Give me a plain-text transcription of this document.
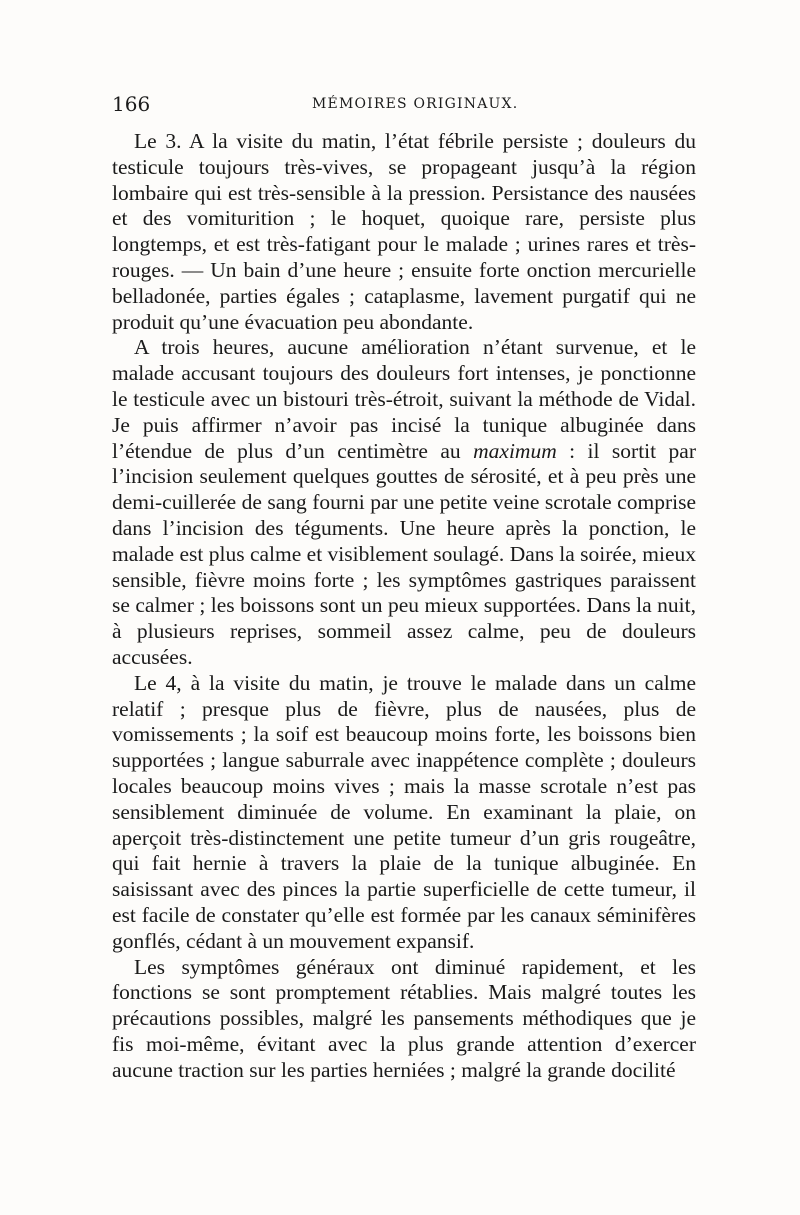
166	MÉMOIRES ORIGINAUX.

Le 3. A la visite du matin, l’état fébrile persiste ; douleurs du testicule toujours très-vives, se propageant jusqu’à la région lombaire qui est très-sensible à la pression. Persistance des nausées et des vomiturition ; le hoquet, quoique rare, persiste plus longtemps, et est très-fatigant pour le malade ; urines rares et très-rouges. — Un bain d’une heure ; ensuite forte onction mercurielle belladonée, parties égales ; cataplasme, lavement purgatif qui ne produit qu’une évacuation peu abondante.

A trois heures, aucune amélioration n’étant survenue, et le malade accusant toujours des douleurs fort intenses, je ponctionne le testicule avec un bistouri très-étroit, suivant la méthode de Vidal. Je puis affirmer n’avoir pas incisé la tunique albuginée dans l’étendue de plus d’un centimètre au maximum : il sortit par l’incision seulement quelques gouttes de sérosité, et à peu près une demi-cuillerée de sang fourni par une petite veine scrotale comprise dans l’incision des téguments. Une heure après la ponction, le malade est plus calme et visiblement soulagé. Dans la soirée, mieux sensible, fièvre moins forte ; les symptômes gastriques paraissent se calmer ; les boissons sont un peu mieux supportées. Dans la nuit, à plusieurs reprises, sommeil assez calme, peu de douleurs accusées.

Le 4, à la visite du matin, je trouve le malade dans un calme relatif ; presque plus de fièvre, plus de nausées, plus de vomissements ; la soif est beaucoup moins forte, les boissons bien supportées ; langue saburrale avec inappétence complète ; douleurs locales beaucoup moins vives ; mais la masse scrotale n’est pas sensiblement diminuée de volume. En examinant la plaie, on aperçoit très-distinctement une petite tumeur d’un gris rougeâtre, qui fait hernie à travers la plaie de la tunique albuginée. En saisissant avec des pinces la partie superficielle de cette tumeur, il est facile de constater qu’elle est formée par les canaux séminifères gonflés, cédant à un mouvement expansif.

Les symptômes généraux ont diminué rapidement, et les fonctions se sont promptement rétablies. Mais malgré toutes les précautions possibles, malgré les pansements méthodiques que je fis moi-même, évitant avec la plus grande attention d’exercer aucune traction sur les parties herniées ; malgré la grande docilité
